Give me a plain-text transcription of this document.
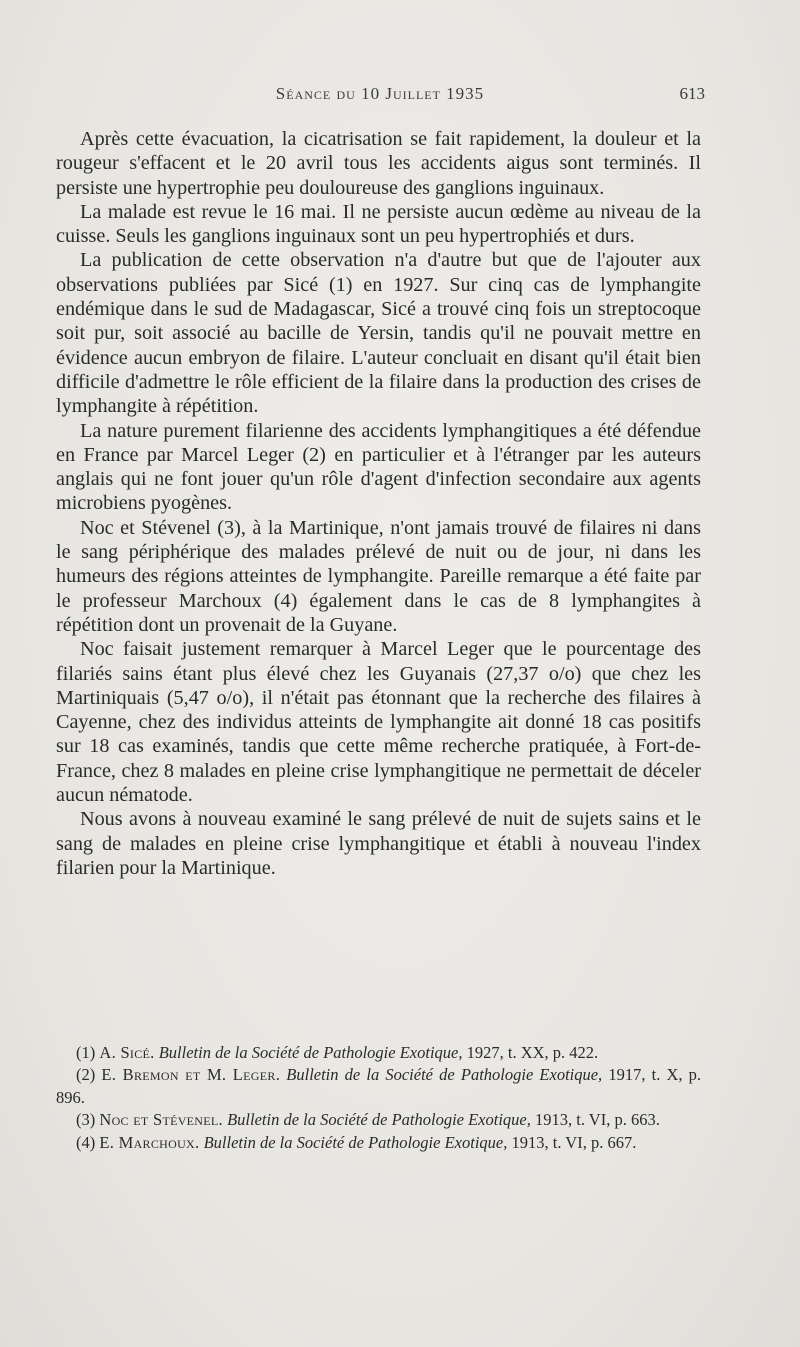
Séance du 10 Juillet 1935	613

Après cette évacuation, la cicatrisation se fait rapidement, la douleur et la rougeur s'effacent et le 20 avril tous les accidents aigus sont terminés. Il persiste une hypertrophie peu douloureuse des ganglions inguinaux.

La malade est revue le 16 mai. Il ne persiste aucun œdème au niveau de la cuisse. Seuls les ganglions inguinaux sont un peu hypertrophiés et durs.

La publication de cette observation n'a d'autre but que de l'ajouter aux observations publiées par Sicé (1) en 1927. Sur cinq cas de lymphangite endémique dans le sud de Madagascar, Sicé a trouvé cinq fois un streptocoque soit pur, soit associé au bacille de Yersin, tandis qu'il ne pouvait mettre en évidence aucun embryon de filaire. L'auteur concluait en disant qu'il était bien difficile d'admettre le rôle efficient de la filaire dans la production des crises de lymphangite à répétition.

La nature purement filarienne des accidents lymphangitiques a été défendue en France par Marcel Leger (2) en particulier et à l'étranger par les auteurs anglais qui ne font jouer qu'un rôle d'agent d'infection secondaire aux agents microbiens pyogènes.

Noc et Stévenel (3), à la Martinique, n'ont jamais trouvé de filaires ni dans le sang périphérique des malades prélevé de nuit ou de jour, ni dans les humeurs des régions atteintes de lymphangite. Pareille remarque a été faite par le professeur Marchoux (4) également dans le cas de 8 lymphangites à répétition dont un provenait de la Guyane.

Noc faisait justement remarquer à Marcel Leger que le pourcentage des filariés sains étant plus élevé chez les Guyanais (27,37 o/o) que chez les Martiniquais (5,47 o/o), il n'était pas étonnant que la recherche des filaires à Cayenne, chez des individus atteints de lymphangite ait donné 18 cas positifs sur 18 cas examinés, tandis que cette même recherche pratiquée, à Fort-de-France, chez 8 malades en pleine crise lymphangitique ne permettait de déceler aucun nématode.

Nous avons à nouveau examiné le sang prélevé de nuit de sujets sains et le sang de malades en pleine crise lymphangitique et établi à nouveau l'index filarien pour la Martinique.

(1) A. Sicé. Bulletin de la Société de Pathologie Exotique, 1927, t. XX, p. 422.

(2) E. Bremon et M. Leger. Bulletin de la Société de Pathologie Exotique, 1917, t. X, p. 896.

(3) Noc et Stévenel. Bulletin de la Société de Pathologie Exotique, 1913, t. VI, p. 663.

(4) E. Marchoux. Bulletin de la Société de Pathologie Exotique, 1913, t. VI, p. 667.
